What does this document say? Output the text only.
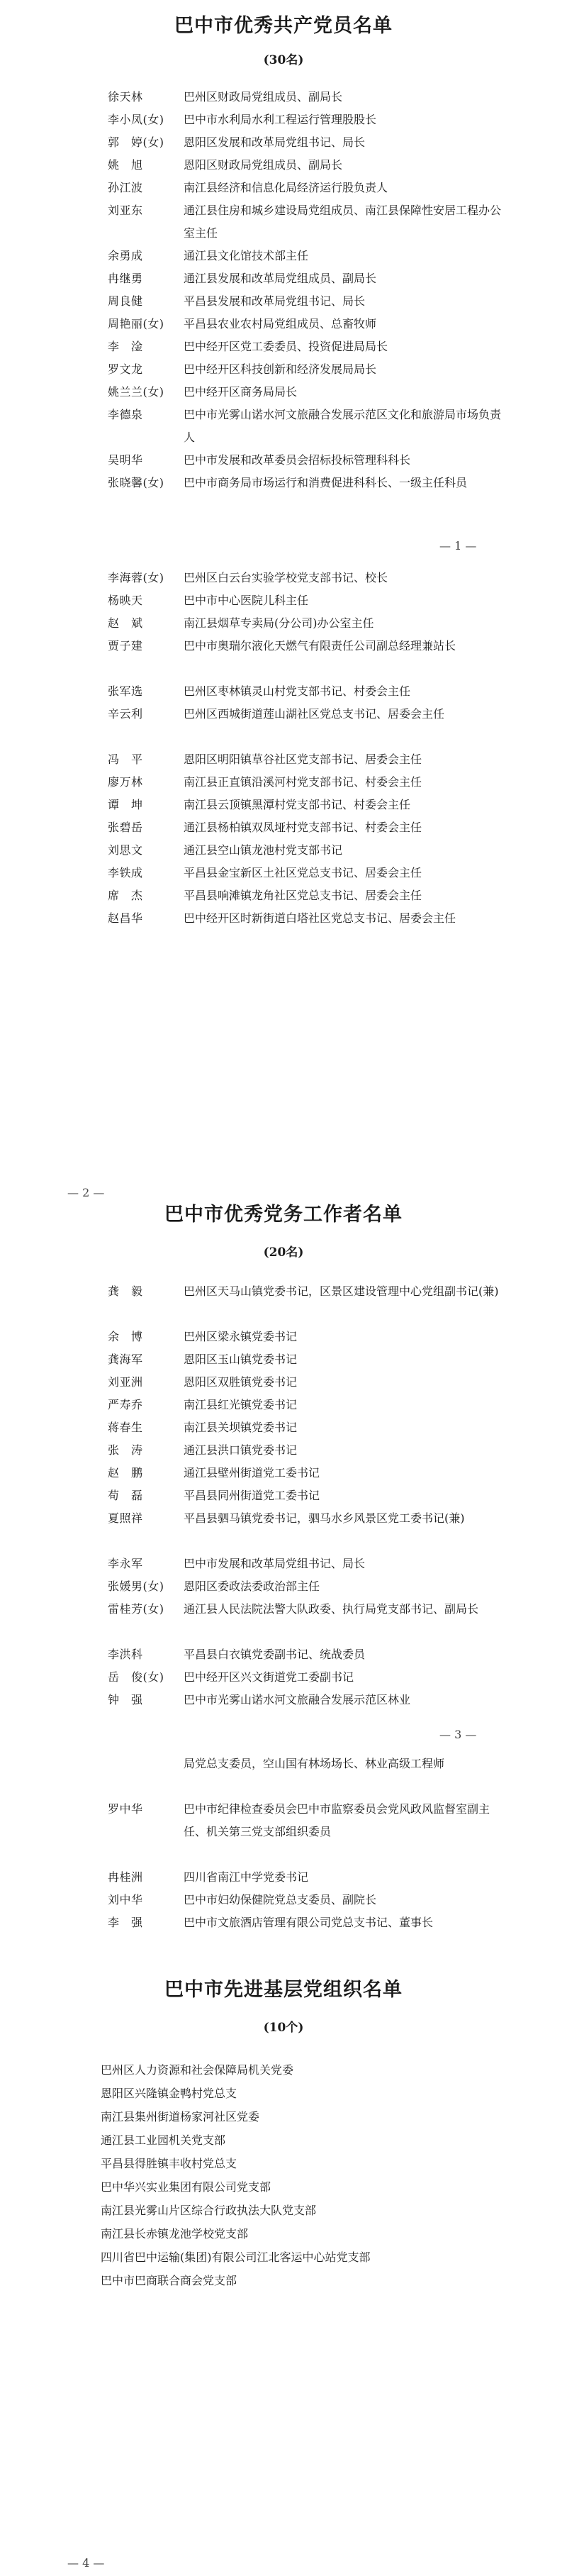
巴中市优秀共产党员名单
(30名)
徐天林	巴州区财政局党组成员、副局长
李小凤(女)	巴中市水利局水利工程运行管理股股长
郭　婷(女)	恩阳区发展和改革局党组书记、局长
姚　旭	恩阳区财政局党组成员、副局长
孙江波	南江县经济和信息化局经济运行股负责人
刘亚东	通江县住房和城乡建设局党组成员、南江县保障性安居工程办公室主任
余勇成	通江县文化馆技术部主任
冉继勇	通江县发展和改革局党组成员、副局长
周良健	平昌县发展和改革局党组书记、局长
周艳丽(女)	平昌县农业农村局党组成员、总畜牧师
李　淦	巴中经开区党工委委员、投资促进局局长
罗文龙	巴中经开区科技创新和经济发展局局长
姚兰兰(女)	巴中经开区商务局局长
李德泉	巴中市光雾山诺水河文旅融合发展示范区文化和旅游局市场负责人
吴明华	巴中市发展和改革委员会招标投标管理科科长
张晓馨(女)	巴中市商务局市场运行和消费促进科科长、一级主任科员
— 1 —
李海蓉(女)	巴州区白云台实验学校党支部书记、校长
杨映天	巴中市中心医院儿科主任
赵　斌	南江县烟草专卖局(分公司)办公室主任
贾子建	巴中市奥瑞尔液化天燃气有限责任公司副总经理兼站长
张军选	巴州区枣林镇灵山村党支部书记、村委会主任
辛云利	巴州区西城街道莲山湖社区党总支书记、居委会主任
冯　平	恩阳区明阳镇草谷社区党支部书记、居委会主任
廖万林	南江县正直镇沿溪河村党支部书记、村委会主任
谭　坤	南江县云顶镇黑潭村党支部书记、村委会主任
张碧岳	通江县杨柏镇双凤垭村党支部书记、村委会主任
刘思文	通江县空山镇龙池村党支部书记
李铁成	平昌县金宝新区土社区党总支书记、居委会主任
席　杰	平昌县响滩镇龙角社区党总支书记、居委会主任
赵昌华	巴中经开区时新街道白塔社区党总支书记、居委会主任
— 2 —
巴中市优秀党务工作者名单
(20名)
龚　毅	巴州区天马山镇党委书记，区景区建设管理中心党组副书记(兼)
余　博	巴州区梁永镇党委书记
龚海军	恩阳区玉山镇党委书记
刘亚洲	恩阳区双胜镇党委书记
严寿乔	南江县红光镇党委书记
蒋春生	南江县关坝镇党委书记
张　涛	通江县洪口镇党委书记
赵　鹏	通江县壁州街道党工委书记
苟　磊	平昌县同州街道党工委书记
夏照祥	平昌县驷马镇党委书记，驷马水乡风景区党工委书记(兼)
李永军	巴中市发展和改革局党组书记、局长
张媛男(女)	恩阳区委政法委政治部主任
雷桂芳(女)	通江县人民法院法警大队政委、执行局党支部书记、副局长
李洪科	平昌县白衣镇党委副书记、统战委员
岳　俊(女)	巴中经开区兴文街道党工委副书记
钟　强	巴中市光雾山诺水河文旅融合发展示范区林业
— 3 —
局党总支委员，空山国有林场场长、林业高级工程师
罗中华	巴中市纪律检查委员会巴中市监察委员会党风政风监督室副主任、机关第三党支部组织委员
冉桂洲	四川省南江中学党委书记
刘中华	巴中市妇幼保健院党总支委员、副院长
李　强	巴中市文旅酒店管理有限公司党总支书记、董事长
巴中市先进基层党组织名单
(10个)
巴州区人力资源和社会保障局机关党委
恩阳区兴隆镇金鸭村党总支
南江县集州街道杨家河社区党委
通江县工业园机关党支部
平昌县得胜镇丰收村党总支
巴中华兴实业集团有限公司党支部
南江县光雾山片区综合行政执法大队党支部
南江县长赤镇龙池学校党支部
四川省巴中运输(集团)有限公司江北客运中心站党支部
巴中市巴商联合商会党支部
— 4 —
